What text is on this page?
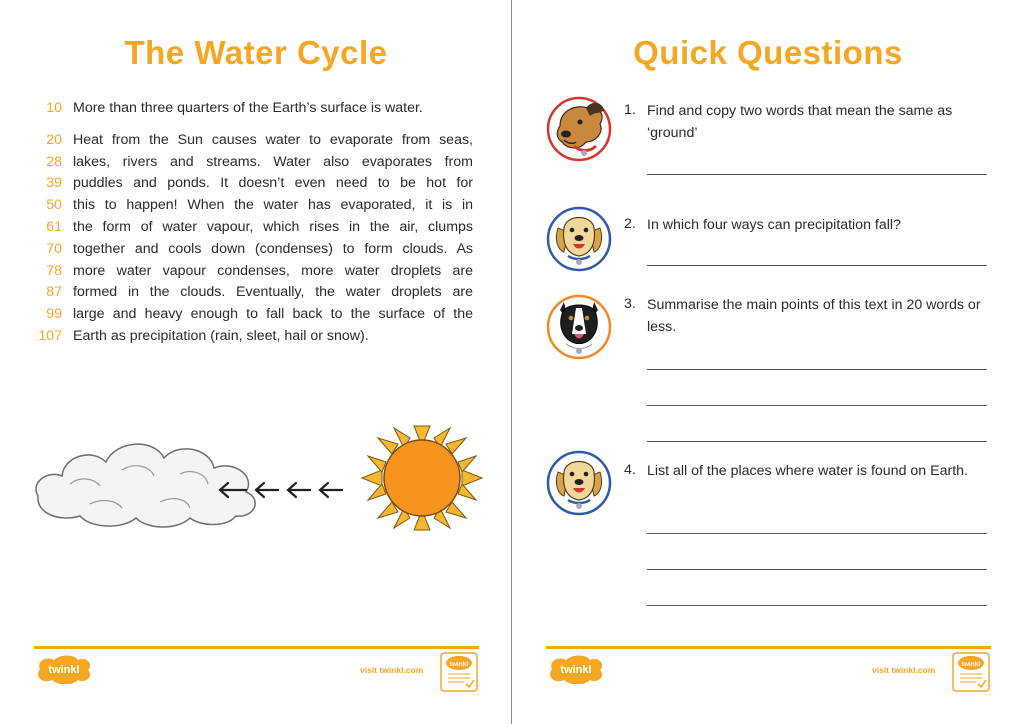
The Water Cycle
10 More than three quarters of the Earth’s surface is water.
20 Heat from the Sun causes water to evaporate from seas,
28 lakes, rivers and streams. Water also evaporates from
39 puddles and ponds. It doesn’t even need to be hot for
50 this to happen! When the water has evaporated, it is in
61 the form of water vapour, which rises in the air, clumps
70 together and cools down (condenses) to form clouds. As
78 more water vapour condenses, more water droplets are
87 formed in the clouds. Eventually, the water droplets are
99 large and heavy enough to fall back to the surface of the
107 Earth as precipitation (rain, sleet, hail or snow).
twinkl	visit twinkl.com
twinkl
Quick Questions
1. Find and copy two words that mean the same as ‘ground’
2. In which four ways can precipitation fall?
3. Summarise the main points of this text in 20 words or less.
4. List all of the places where water is found on Earth.
twinkl	visit twinkl.com
twinkl
